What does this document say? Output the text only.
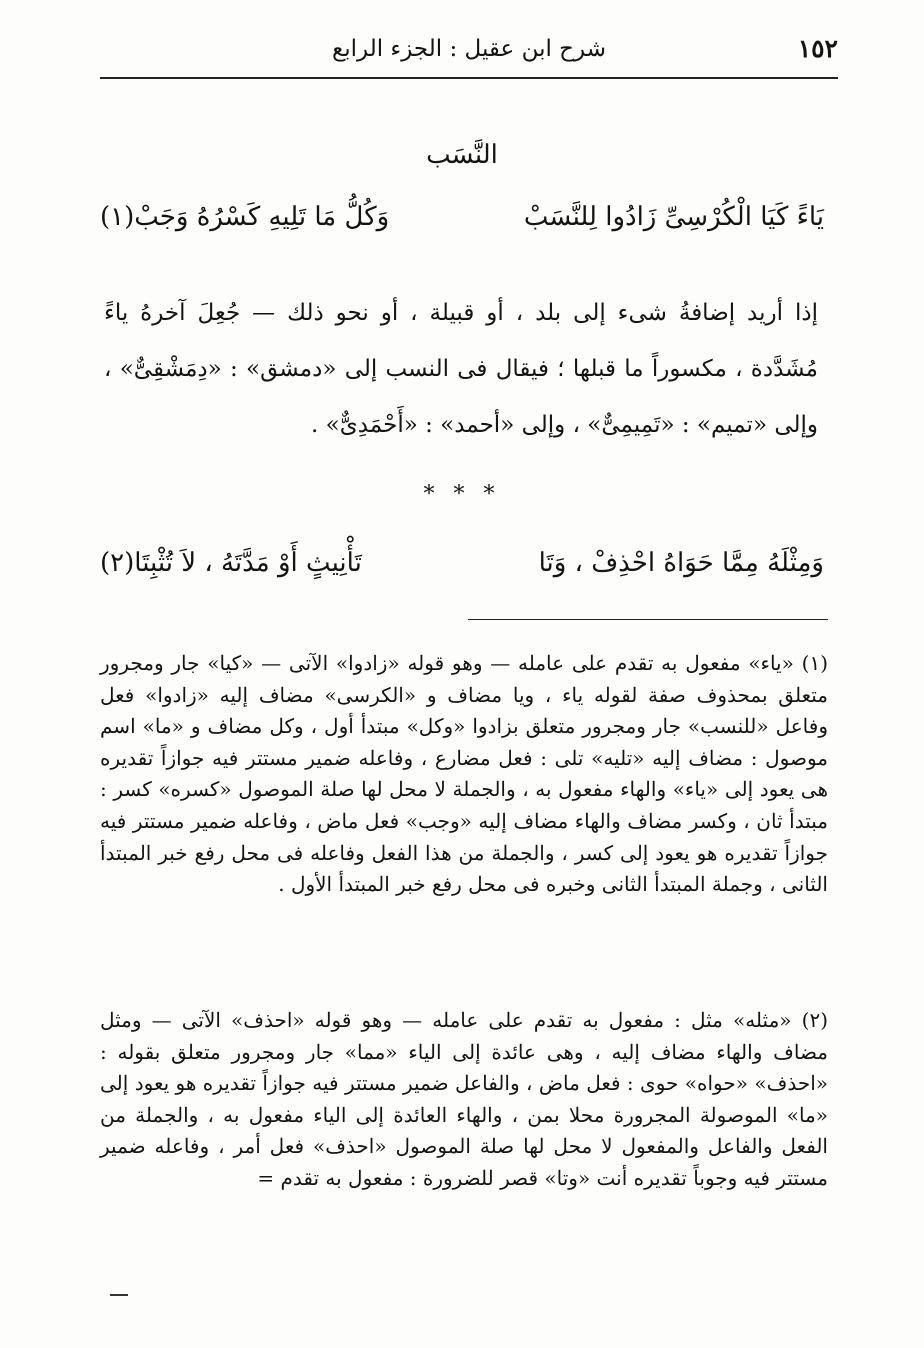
١٥٢
شرح ابن عقيل : الجزء الرابع
النَّسَب
يَاءً كَيَا الْكُرْسِىِّ زَادُوا لِلنَّسَبْ
وَكُلُّ مَا تَلِيهِ كَسْرُهُ وَجَبْ(١)
إذا أريد إضافةُ شىء إلى بلد ، أو قبيلة ، أو نحو ذلك — جُعِلَ آخرهُ ياءً مُشَدَّدة ، مكسوراً ما قبلها ؛ فيقال فى النسب إلى «دمشق» : «دِمَشْقِىٌّ» ، وإلى «تميم» : «تَمِيمِىٌّ» ، وإلى «أحمد» : «أَحْمَدِىٌّ» .
* * *
وَمِثْلَهُ مِمَّا حَوَاهُ احْذِفْ ، وَتَا
تَأْنِيثٍ أَوْ مَدَّتَهُ ، لاَ تُثْبِتَا(٢)
(١) «ياء» مفعول به تقدم على عامله — وهو قوله «زادوا» الآتى — «كيا» جار ومجرور متعلق بمحذوف صفة لقوله ياء ، ويا مضاف و «الكرسى» مضاف إليه «زادوا» فعل وفاعل «للنسب» جار ومجرور متعلق بزادوا «وكل» مبتدأ أول ، وكل مضاف و «ما» اسم موصول : مضاف إليه «تليه» تلى : فعل مضارع ، وفاعله ضمير مستتر فيه جوازاً تقديره هى يعود إلى «ياء» والهاء مفعول به ، والجملة لا محل لها صلة الموصول «كسره» كسر : مبتدأ ثان ، وكسر مضاف والهاء مضاف إليه «وجب» فعل ماض ، وفاعله ضمير مستتر فيه جوازاً تقديره هو يعود إلى كسر ، والجملة من هذا الفعل وفاعله فى محل رفع خبر المبتدأ الثانى ، وجملة المبتدأ الثانى وخبره فى محل رفع خبر المبتدأ الأول .
(٢) «مثله» مثل : مفعول به تقدم على عامله — وهو قوله «احذف» الآتى — ومثل مضاف والهاء مضاف إليه ، وهى عائدة إلى الياء «مما» جار ومجرور متعلق بقوله : «احذف» «حواه» حوى : فعل ماض ، والفاعل ضمير مستتر فيه جوازاً تقديره هو يعود إلى «ما» الموصولة المجرورة محلا بمن ، والهاء العائدة إلى الياء مفعول به ، والجملة من الفعل والفاعل والمفعول لا محل لها صلة الموصول «احذف» فعل أمر ، وفاعله ضمير مستتر فيه وجوباً تقديره أنت «وتا» قصر للضرورة : مفعول به تقدم =
